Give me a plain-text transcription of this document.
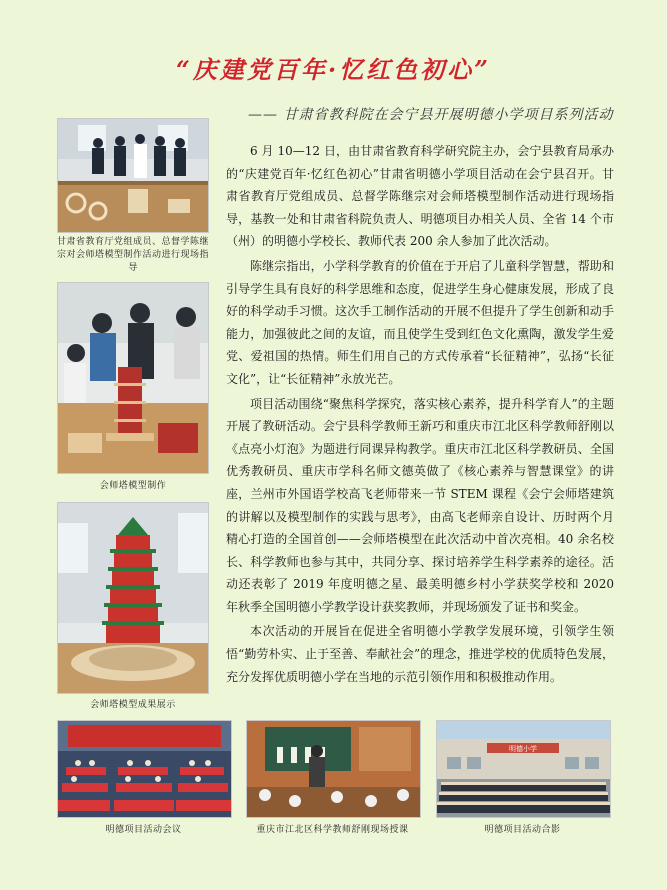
“庆建党百年·忆红色初心”
—— 甘肃省教科院在会宁县开展明德小学项目系列活动
甘肃省教育厅党组成员、总督学陈继宗对会师塔模型制作活动进行现场指导
会师塔模型制作
会师塔模型成果展示

6 月 10—12 日，由甘肃省教育科学研究院主办，会宁县教育局承办的“庆建党百年·忆红色初心”甘肃省明德小学项目活动在会宁县召开。甘肃省教育厅党组成员、总督学陈继宗对会师塔模型制作活动进行现场指导，基教一处和甘肃省科院负责人、明德项目办相关人员、全省 14 个市（州）的明德小学校长、教师代表 200 余人参加了此次活动。

陈继宗指出，小学科学教育的价值在于开启了儿童科学智慧，帮助和引导学生具有良好的科学思维和态度，促进学生身心健康发展，形成了良好的科学动手习惯。这次手工制作活动的开展不但提升了学生创新和动手能力，加强彼此之间的友谊，而且使学生受到红色文化熏陶，激发学生爱党、爱祖国的热情。师生们用自己的方式传承着“长征精神”，弘扬“长征文化”，让“长征精神”永放光芒。

项目活动围绕“聚焦科学探究，落实核心素养，提升科学育人”的主题开展了教研活动。会宁县科学教师王新巧和重庆市江北区科学教师舒刚以《点亮小灯泡》为题进行同课异构教学。重庆市江北区科学教研员、全国优秀教研员、重庆市学科名师文德英做了《核心素养与智慧课堂》的讲座，兰州市外国语学校高飞老师带来一节 STEM 课程《会宁会师塔建筑的讲解以及模型制作的实践与思考》，由高飞老师亲自设计、历时两个月精心打造的全国首创——会师塔模型在此次活动中首次亮相。40 余名校长、科学教师也参与其中，共同分享、探讨培养学生科学素养的途径。活动还表彰了 2019 年度明德之星、最美明德乡村小学获奖学校和 2020 年秋季全国明德小学教学设计获奖教师，并现场颁发了证书和奖金。

本次活动的开展旨在促进全省明德小学教学发展环境，引领学生领悟“勤劳朴实、止于至善、奉献社会”的理念，推进学校的优质特色发展，充分发挥优质明德小学在当地的示范引领作用和积极推动作用。

明德项目活动会议	重庆市江北区科学教师舒刚现场授课
明德小学
明德项目活动合影
